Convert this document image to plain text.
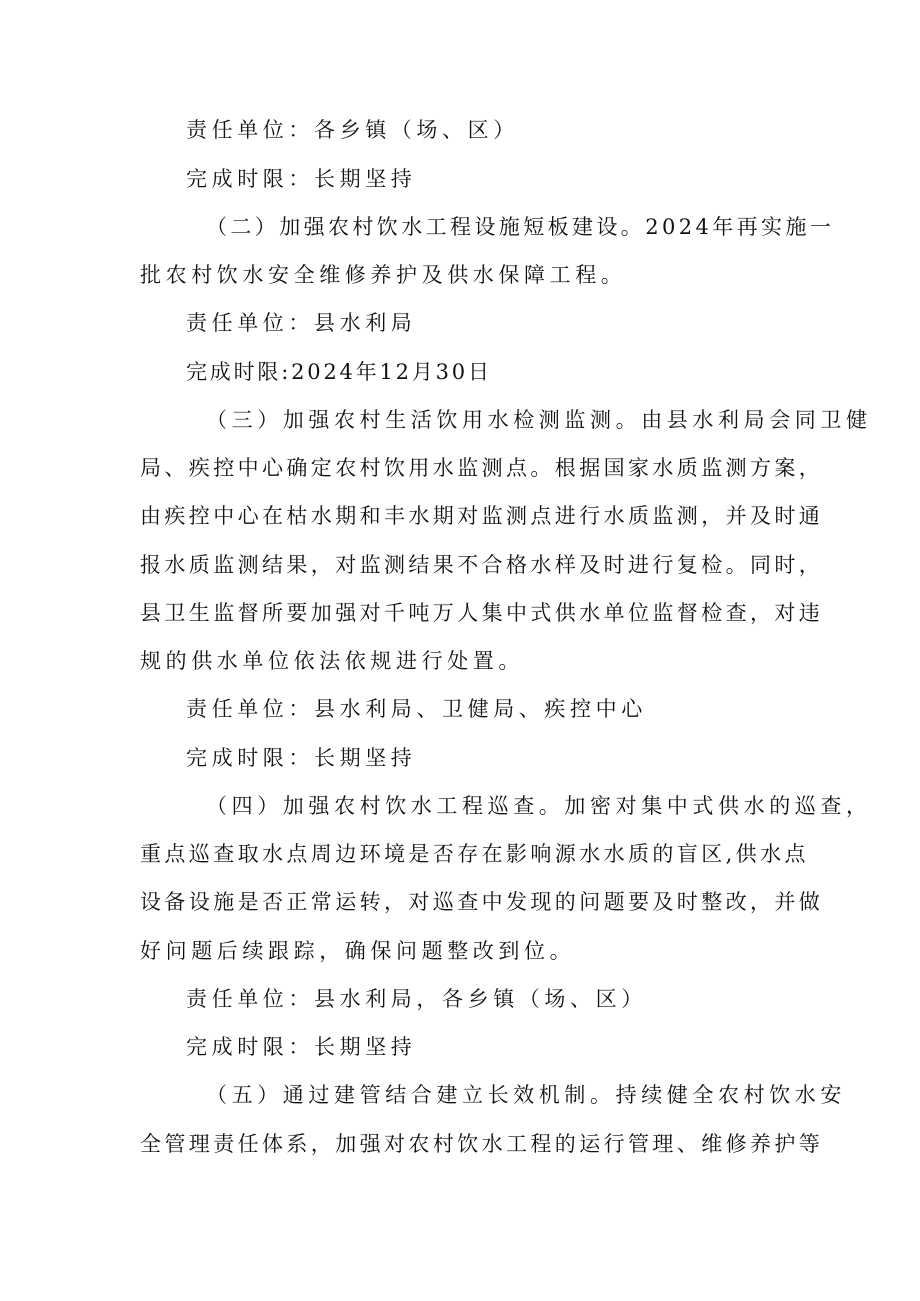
责任单位：各乡镇（场、区）
完成时限：长期坚持
（二）加强农村饮水工程设施短板建设。2024年再实施一
批农村饮水安全维修养护及供水保障工程。
责任单位：县水利局
完成时限:2024年12月30日
（三）加强农村生活饮用水检测监测。由县水利局会同卫健
局、疾控中心确定农村饮用水监测点。根据国家水质监测方案，
由疾控中心在枯水期和丰水期对监测点进行水质监测，并及时通
报水质监测结果，对监测结果不合格水样及时进行复检。同时，
县卫生监督所要加强对千吨万人集中式供水单位监督检查，对违
规的供水单位依法依规进行处置。
责任单位：县水利局、卫健局、疾控中心
完成时限：长期坚持
（四）加强农村饮水工程巡查。加密对集中式供水的巡查，
重点巡查取水点周边环境是否存在影响源水水质的盲区,供水点
设备设施是否正常运转，对巡查中发现的问题要及时整改，并做
好问题后续跟踪，确保问题整改到位。
责任单位：县水利局，各乡镇（场、区）
完成时限：长期坚持
（五）通过建管结合建立长效机制。持续健全农村饮水安
全管理责任体系，加强对农村饮水工程的运行管理、维修养护等
